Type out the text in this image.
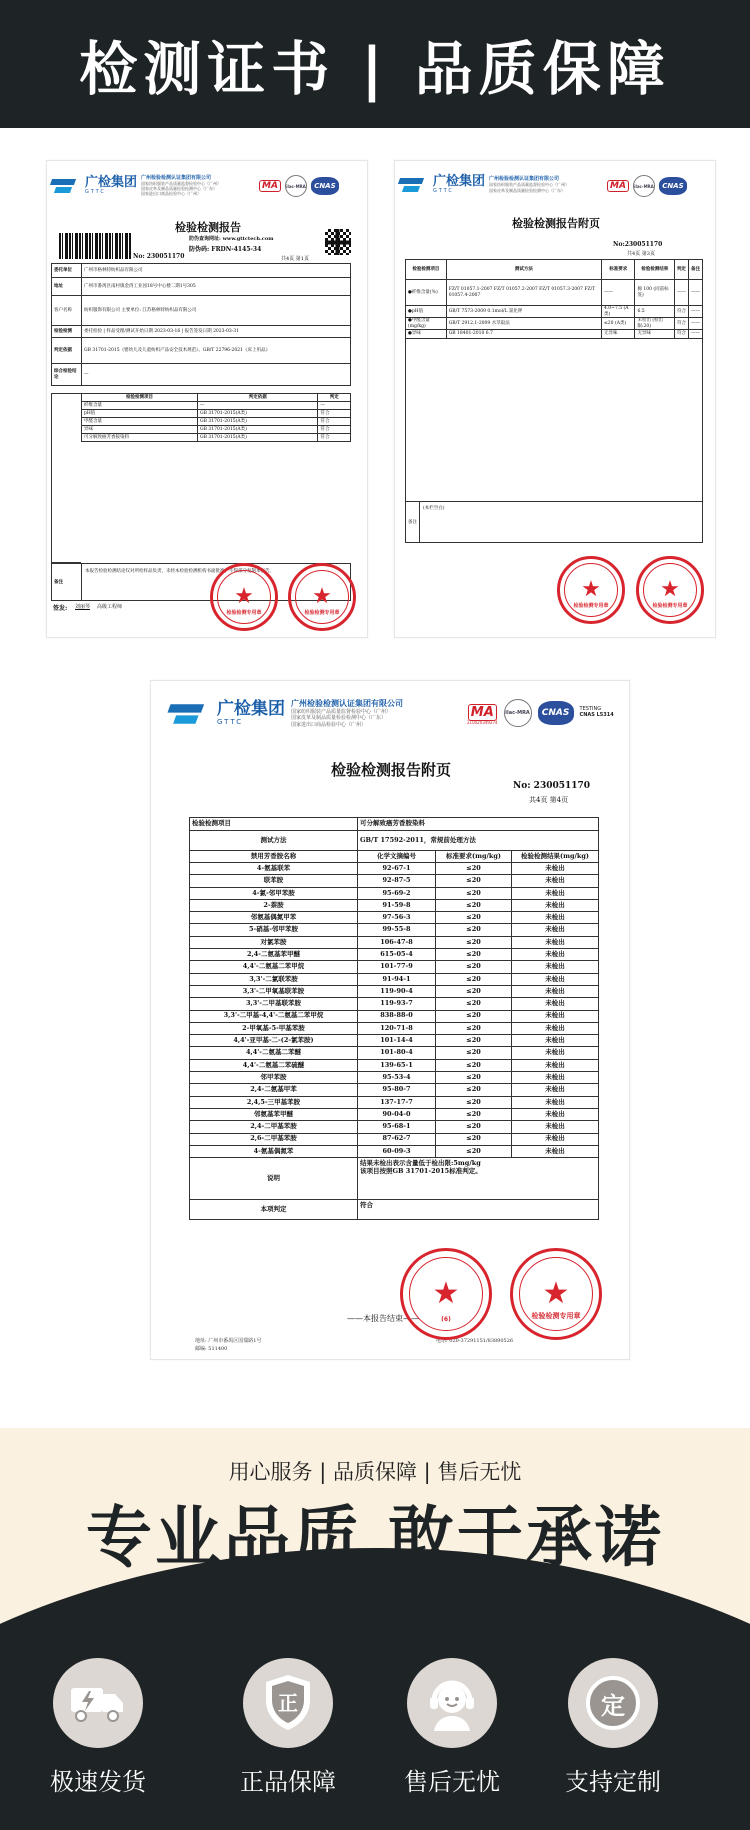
检测证书 | 品质保障
广检集团
GTTC
广州检验检测认证集团有限公司
国家纺织服装产品质量监督检验中心（广州）
国家皮革及制品质量检验检测中心（广东）
国家进出口商品检验中心（广州）
MA	ilac-MRA	CNAS
检验检测报告
防伪查询网址: www.gttctech.com
防伪码: FRDN-4145-34
No: 230051170	共4页 第1页
委托单位	广州市格林特纺织品有限公司
地址	广州市番禺区南村镇金湾工业园18号中心楼二期1号305
客户名称	纺织服饰有限公司 主要单位: 江苏格林特纺织品有限公司
检验检测	委托检验 | 样品受理/测试开始日期 2023-03-16 | 报告签发日期 2023-03-31
判定依据	GB 31701-2015《婴幼儿及儿童纺织产品安全技术规范》、GB/T 22796-2021《床上用品》
综合检验结论	—
检验检测项目	判定依据	判定
纤维含量	—	—
pH值	GB 31701-2015(A类)	符合
甲醛含量	GB 31701-2015(A类)	符合
异味	GB 31701-2015(A类)	符合
可分解致癌芳香胺染料	GB 31701-2015(A类)	符合
备注
本报告检验检测结论仅对所检样品负责，未经本检验检测机构书面批准，不得部分复制本报告。
签发: 刘丽琴 高级工程师	★
检验检测专用章
★
检验检测专用章
广检集团
GTTC
广州检验检测认证集团有限公司
国家纺织服装产品质量监督检验中心（广州）
国家皮革及制品质量检验检测中心（广东）	MA	ilac-MRA	CNAS
检验检测报告附页
No:230051170
共4页 第3页
检验检测项目	测试方法	标准要求	检验检测结果	判定	备注
●纤维含量(%)	FZ/T 01057.1-2007 FZ/T 01057.2-2007 FZ/T 01057.3-2007 FZ/T 01057.4-2007	——	棉 100 (同前标签)	——	——
●pH值	GB/T 7573-2009 0.1mol/L 氯化钾	4.0~7.5 (A类)	6.5	符合	——
●甲醛含量(mg/kg)	GB/T 2912.1-2009 水萃取法	≤20 (A类)	未检出 (检出限:20)	符合	——
●异味	GB 18401-2010 6.7	无异味	无异味	符合	——

备注
(本栏空白)
★
检验检测专用章
★
检验检测专用章
广检集团
GTTC
广州检验检测认证集团有限公司
国家纺织服装产品质量监督检验中心（广州）
国家皮革及制品质量检验检测中心（广东）
国家进出口商品检验中心（广州）
MA
210020349274
ilac-MRA	CNAS	TESTING
CNAS L5314
检验检测报告附页
No: 230051170
共4页 第4页
检验检测项目	可分解致癌芳香胺染料		
测试方法	GB/T 17592-2011，常规前处理方法		
禁用芳香胺名称	化学文摘编号	标准要求(mg/kg)	检验检测结果(mg/kg)
4-氨基联苯	92-67-1	≤20	未检出
联苯胺	92-87-5	≤20	未检出
4-氯-邻甲苯胺	95-69-2	≤20	未检出
2-萘胺	91-59-8	≤20	未检出
邻氨基偶氮甲苯	97-56-3	≤20	未检出
5-硝基-邻甲苯胺	99-55-8	≤20	未检出
对氯苯胺	106-47-8	≤20	未检出
2,4-二氨基苯甲醚	615-05-4	≤20	未检出
4,4'-二氨基二苯甲烷	101-77-9	≤20	未检出
3,3'-二氯联苯胺	91-94-1	≤20	未检出
3,3'-二甲氧基联苯胺	119-90-4	≤20	未检出
3,3'-二甲基联苯胺	119-93-7	≤20	未检出
3,3'-二甲基-4,4'-二氨基二苯甲烷	838-88-0	≤20	未检出
2-甲氧基-5-甲基苯胺	120-71-8	≤20	未检出
4,4'-亚甲基-二-(2-氯苯胺)	101-14-4	≤20	未检出
4,4'-二氨基二苯醚	101-80-4	≤20	未检出
4,4'-二氨基二苯硫醚	139-65-1	≤20	未检出
邻甲苯胺	95-53-4	≤20	未检出
2,4-二氨基甲苯	95-80-7	≤20	未检出
2,4,5-三甲基苯胺	137-17-7	≤20	未检出
邻氨基苯甲醚	90-04-0	≤20	未检出
2,4-二甲基苯胺	95-68-1	≤20	未检出
2,6-二甲基苯胺	87-62-7	≤20	未检出
4-氨基偶氮苯	60-09-3	≤20	未检出
说明	结果未检出表示含量低于检出限:5mg/kg
该项目按照GB 31701-2015标准判定。		

本项判定	符合		
——本报告结束——
地址: 广州市番禺区国瑞路1号
邮编: 511400
电话: 020-37291151/83890526
★
(6)
★
检验检测专用章
用心服务 | 品质保障 | 售后无忧
专业品质 敢于承诺
极速发货
正
正品保障	售后无忧
定
支持定制
